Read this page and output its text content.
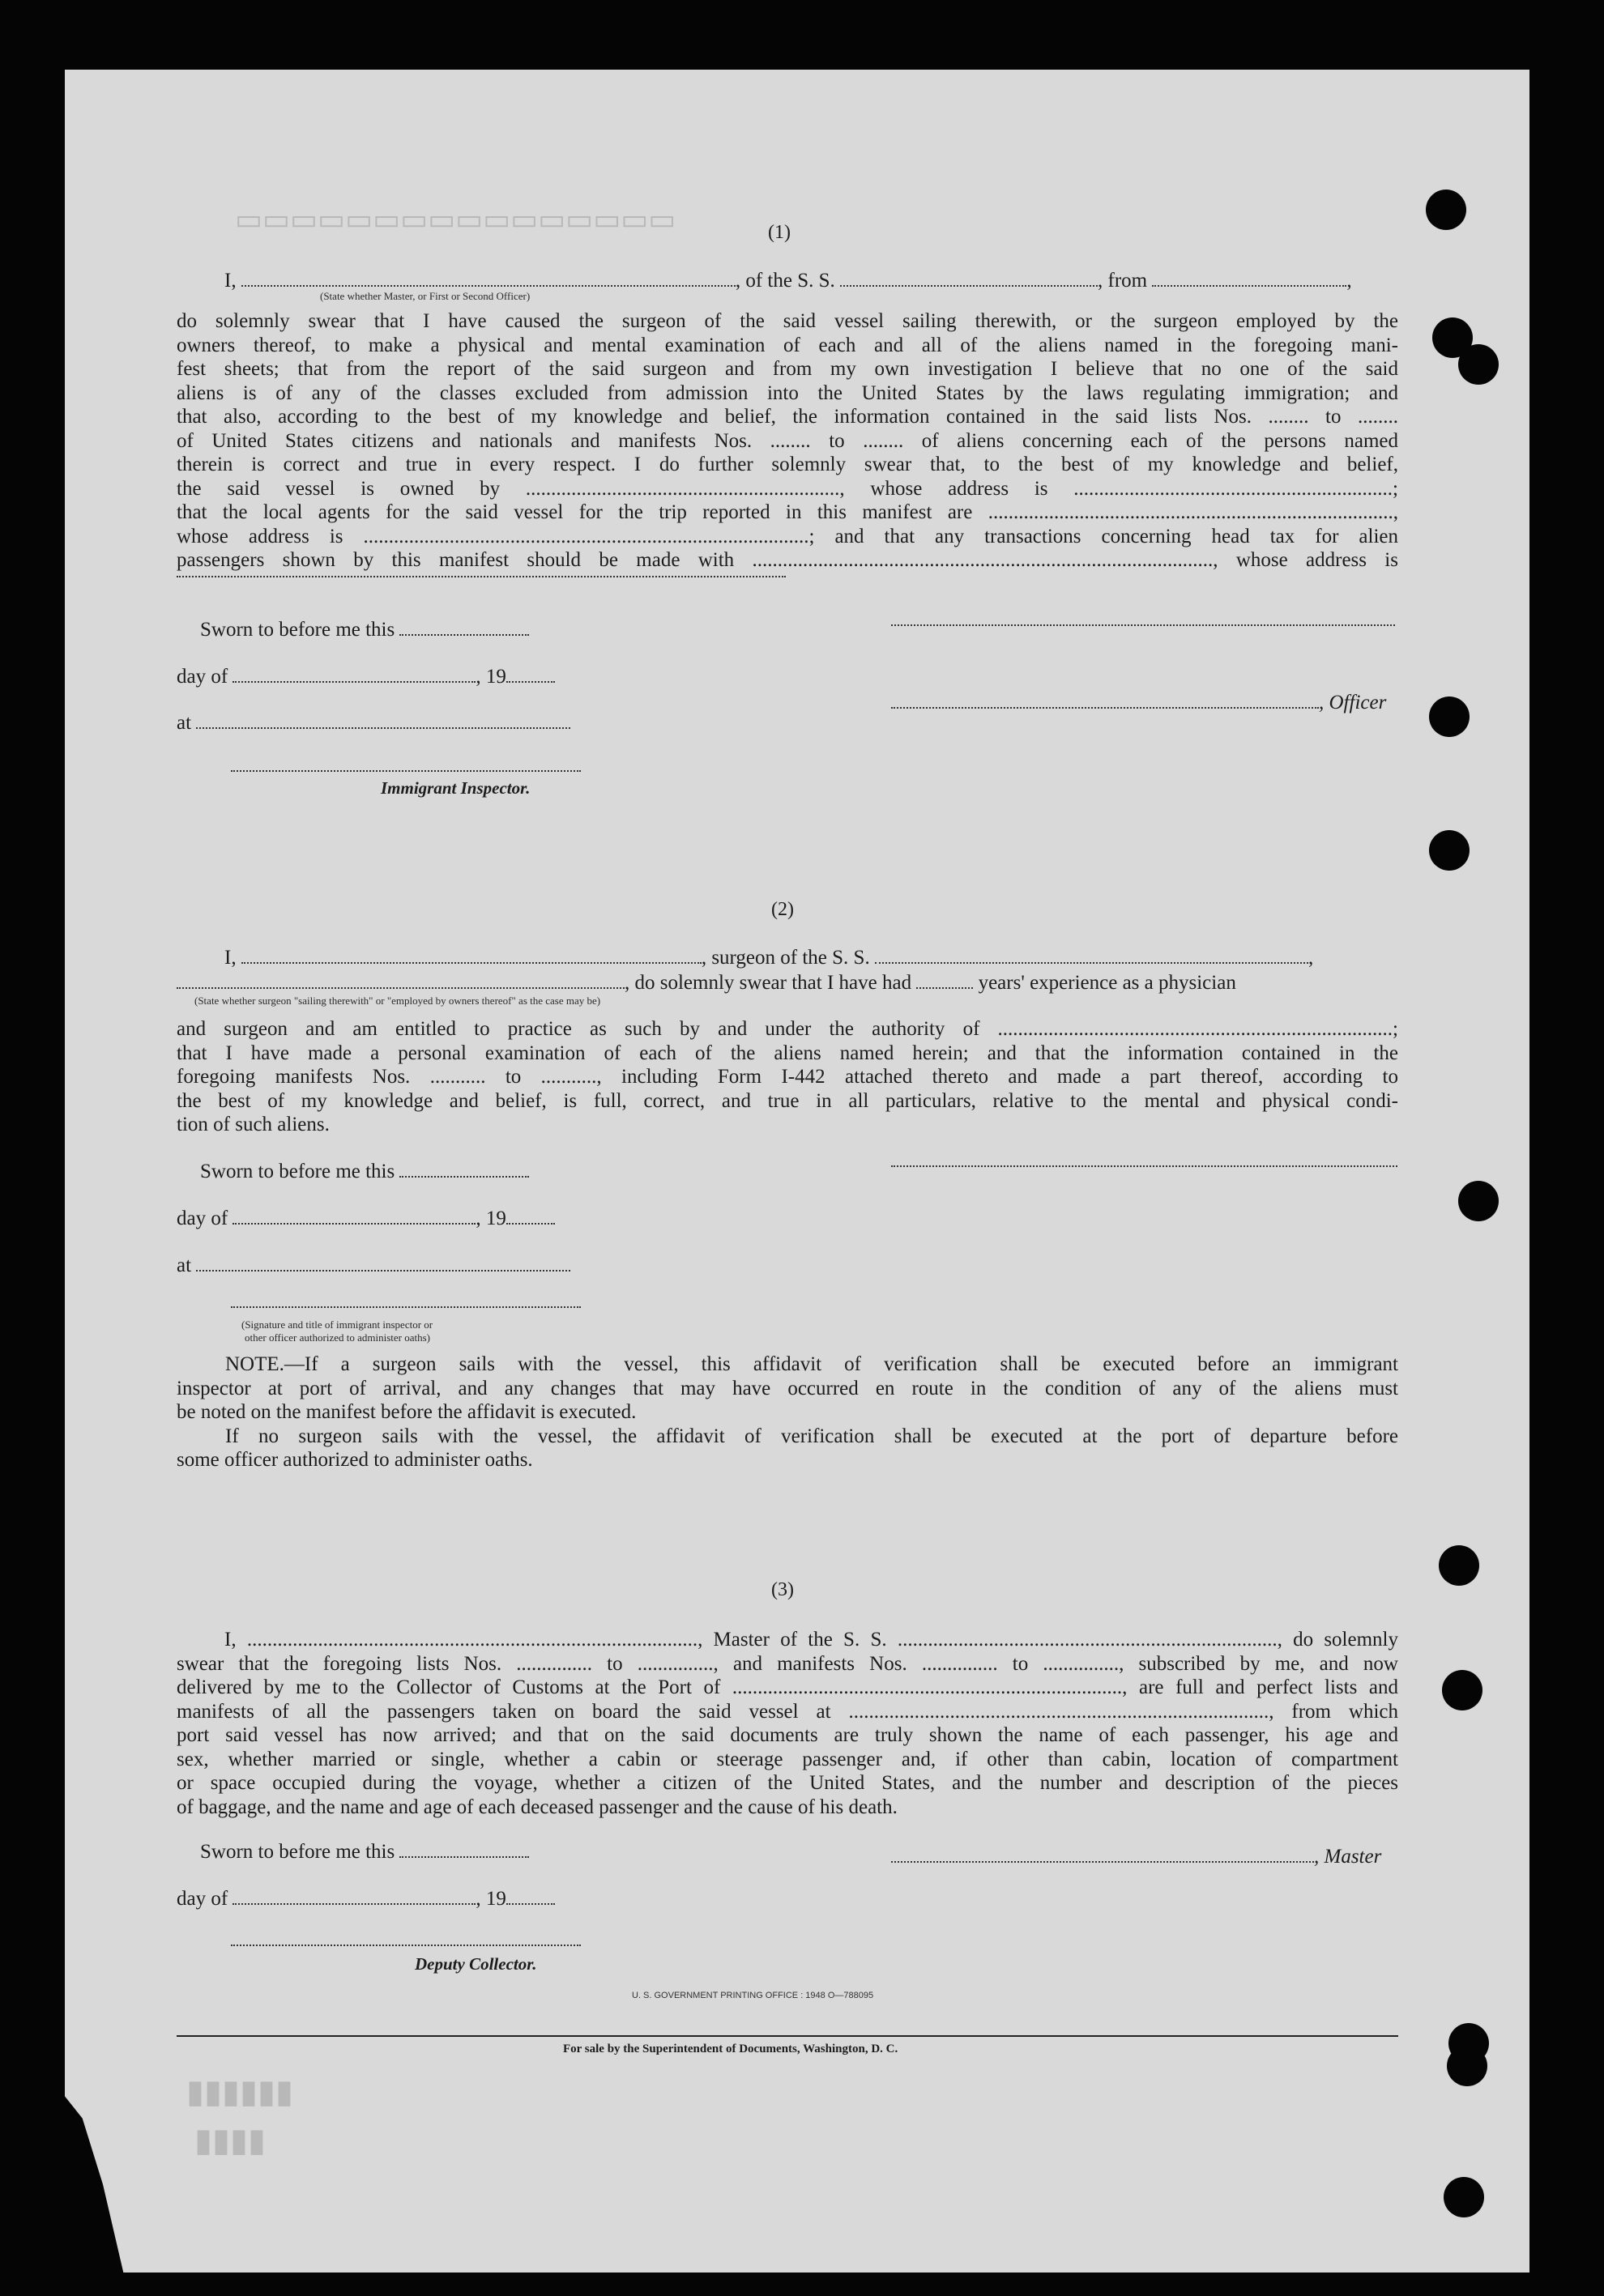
▭▭▭▭▭▭▭▭▭▭▭▭▭▭▭▭
▮▮▮▮▮▮
▮▮▮▮
(1)
I,	, of the S. S.	, from	,
(State whether Master, or First or Second Officer)
do solemnly swear that I have caused the surgeon of the said vessel sailing therewith, or the surgeon employed by the
owners thereof, to make a physical and mental examination of each and all of the aliens named in the foregoing mani-
fest sheets; that from the report of the said surgeon and from my own investigation I believe that no one of the said
aliens is of any of the classes excluded from admission into the United States by the laws regulating immigration; and
that also, according to the best of my knowledge and belief, the information contained in the said lists Nos. ........ to ........
of United States citizens and nationals and manifests Nos. ........ to ........ of aliens concerning each of the persons named
therein is correct and true in every respect. I do further solemnly swear that, to the best of my knowledge and belief,
the said vessel is owned by .............................................................., whose address is ...............................................................;
that the local agents for the said vessel for the trip reported in this manifest are ................................................................................,
whose address is ........................................................................................; and that any transactions concerning head tax for alien
passengers shown by this manifest should be made with ..........................................................................................., whose address is
Sworn to before me this
day of	, 19
, Officer
at
Immigrant Inspector.
(2)
I,	, surgeon of the S. S.	,
, do solemnly swear that I have had	years' experience as a physician
(State whether surgeon "sailing therewith" or "employed by owners thereof" as the case may be)
and surgeon and am entitled to practice as such by and under the authority of ..............................................................................;
that I have made a personal examination of each of the aliens named herein; and that the information contained in the
foregoing manifests Nos. ........... to ..........., including Form I-442 attached thereto and made a part thereof, according to
the best of my knowledge and belief, is full, correct, and true in all particulars, relative to the mental and physical condi-
tion of such aliens.
Sworn to before me this
day of	, 19
at
(Signature and title of immigrant inspector or
other officer authorized to administer oaths)
NOTE.—If a surgeon sails with the vessel, this affidavit of verification shall be executed before an immigrant
inspector at port of arrival, and any changes that may have occurred en route in the condition of any of the aliens must
be noted on the manifest before the affidavit is executed.
If no surgeon sails with the vessel, the affidavit of verification shall be executed at the port of departure before
some officer authorized to administer oaths.
(3)
I, ........................................................................................., Master of the S. S. ..........................................................................., do solemnly
swear that the foregoing lists Nos. ............... to ..............., and manifests Nos. ............... to ..............., subscribed by me, and now
delivered by me to the Collector of Customs at the Port of ............................................................................., are full and perfect lists and
manifests of all the passengers taken on board the said vessel at ..................................................................................., from which
port said vessel has now arrived; and that on the said documents are truly shown the name of each passenger, his age and
sex, whether married or single, whether a cabin or steerage passenger and, if other than cabin, location of compartment
or space occupied during the voyage, whether a citizen of the United States, and the number and description of the pieces
of baggage, and the name and age of each deceased passenger and the cause of his death.
Sworn to before me this	, Master
day of	, 19
Deputy Collector.
U. S. GOVERNMENT PRINTING OFFICE : 1948 O—788095
For sale by the Superintendent of Documents, Washington, D. C.
